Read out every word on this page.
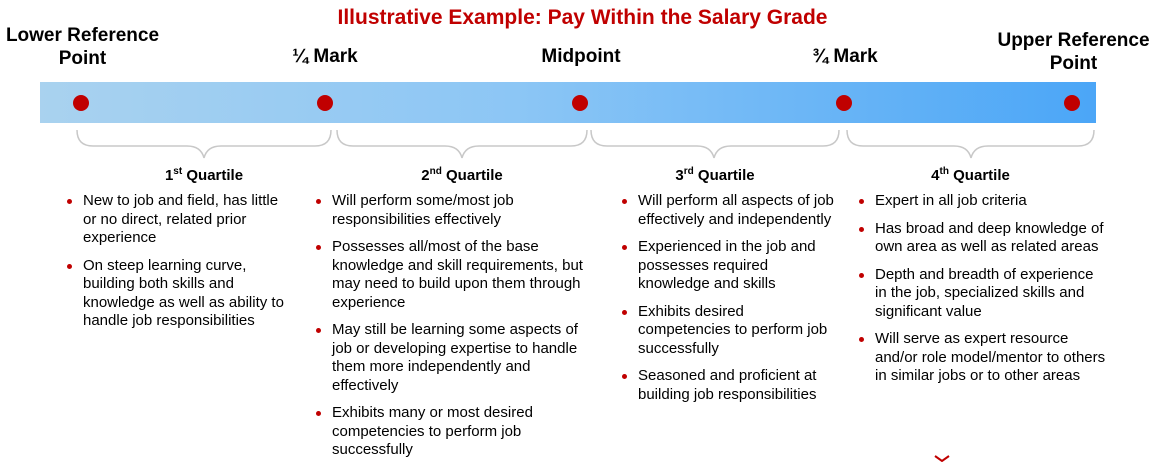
Illustrative Example: Pay Within the Salary Grade
Lower Reference
Point	¼ Mark	Midpoint	¾ Mark
Upper Reference
Point
1st Quartile	2nd Quartile	3rd Quartile	4th Quartile
New to job and field, has little or no direct, related prior experience
On steep learning curve, building both skills and knowledge as well as ability to handle job responsibilities
Will perform some/most job responsibilities effectively
Possesses all/most of the base knowledge and skill requirements, but may need to build upon them through experience
May still be learning some aspects of job or developing expertise to handle them more independently and effectively
Exhibits many or most desired competencies to perform job successfully
Will perform all aspects of job effectively and independently
Experienced in the job and possesses required knowledge and skills
Exhibits desired competencies to perform job successfully
Seasoned and proficient at building job responsibilities
Expert in all job criteria
Has broad and deep knowledge of own area as well as related areas
Depth and breadth of experience in the job, specialized skills and significant value
Will serve as expert resource and/or role model/mentor to others in similar jobs or to other areas
